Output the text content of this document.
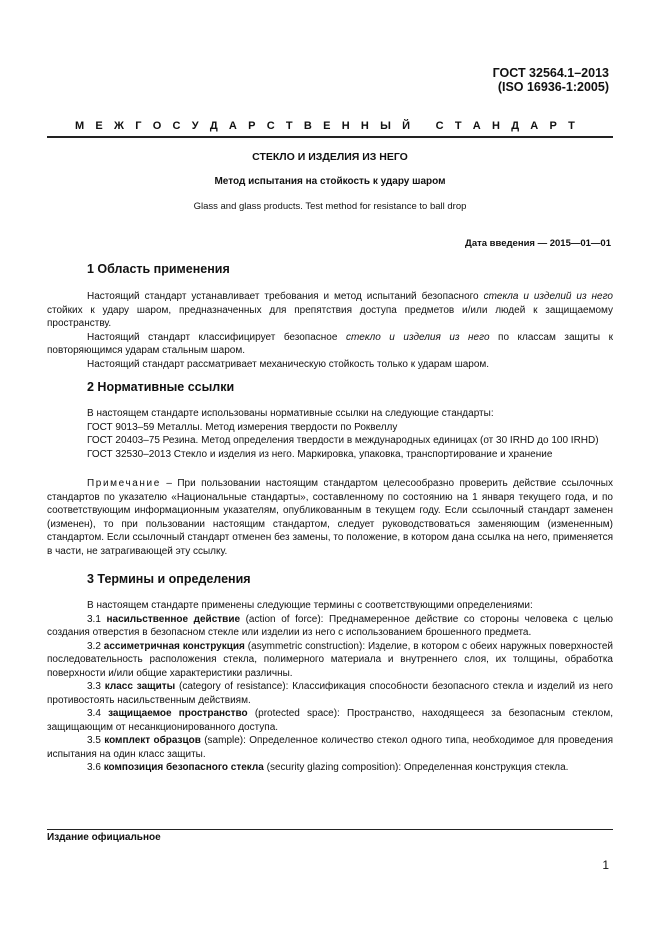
ГОСТ 32564.1–2013
(ISO 16936-1:2005)
М Е Ж Г О С У Д А Р С Т В Е Н Н Ы Й
С Т А Н Д А Р Т
СТЕКЛО И ИЗДЕЛИЯ ИЗ НЕГО
Метод испытания на стойкость к удару шаром
Glass and glass products. Test method for resistance to ball drop
Дата введения — 2015—01—01
1 Область применения

Настоящий стандарт устанавливает требования и метод испытаний безопасного стекла и изделий из него стойких к удару шаром, предназначенных для препятствия доступа предметов и/или людей к защищаемому пространству.

Настоящий стандарт классифицирует безопасное стекло и изделия из него по классам защиты к повторяющимся ударам стальным шаром.

Настоящий стандарт рассматривает механическую стойкость только к ударам шаром.

2 Нормативные ссылки

В настоящем стандарте использованы нормативные ссылки на следующие стандарты:

ГОСТ 9013–59 Металлы. Метод измерения твердости по Роквеллу

ГОСТ 20403–75 Резина. Метод определения твердости в международных единицах (от 30 IRHD до 100 IRHD)

ГОСТ 32530–2013 Стекло и изделия из него. Маркировка, упаковка, транспортирование и хранение

Примечание – При пользовании настоящим стандартом целесообразно проверить действие ссылочных стандартов по указателю «Национальные стандарты», составленному по состоянию на 1 января текущего года, и по соответствующим информационным указателям, опубликованным в текущем году. Если ссылочный стандарт заменен (изменен), то при пользовании настоящим стандартом, следует руководствоваться заменяющим (измененным) стандартом. Если ссылочный стандарт отменен без замены, то положение, в котором дана ссылка на него, применяется в части, не затрагивающей эту ссылку.

3 Термины и определения

В настоящем стандарте применены следующие термины с соответствующими определениями:

3.1 насильственное действие (action of force): Преднамеренное действие со стороны человека с целью создания отверстия в безопасном стекле или изделии из него с использованием брошенного предмета.

3.2 ассиметричная конструкция (asymmetric construction): Изделие, в котором с обеих наружных поверхностей последовательность расположения стекла, полимерного материала и внутреннего слоя, их толщины, обработка поверхности и/или общие характеристики различны.

3.3 класс защиты (category of resistance): Классификация способности безопасного стекла и изделий из него противостоять насильственным действиям.

3.4 защищаемое пространство (protected space): Пространство, находящееся за безопасным стеклом, защищающим от несанкционированного доступа.

3.5 комплект образцов (sample): Определенное количество стекол одного типа, необходимое для проведения испытания на один класс защиты.

3.6 композиция безопасного стекла (security glazing composition): Определенная конструкция стекла.

Издание официальное
1
